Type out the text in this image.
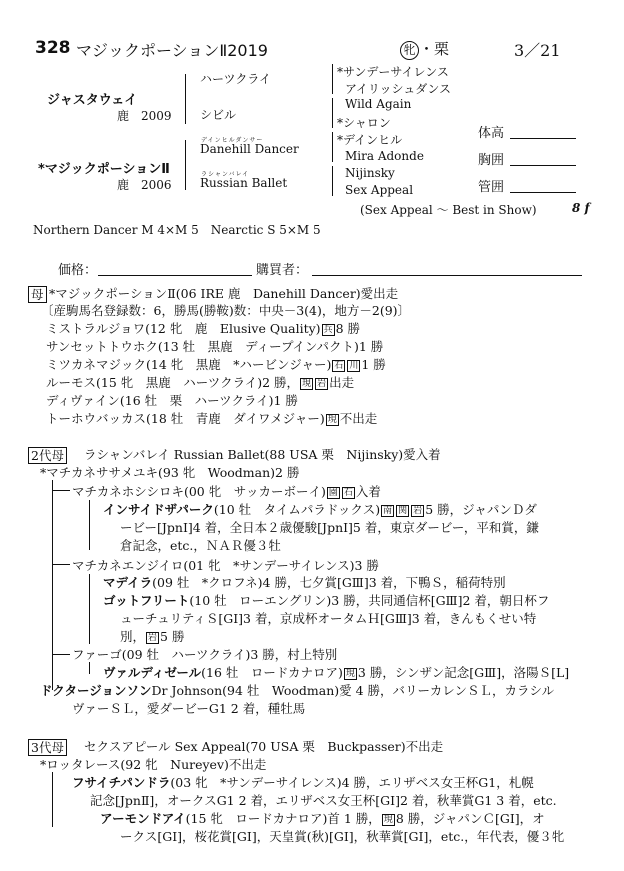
328 マジックポーションⅡ2019	牝 ・栗	3／21
ジャスタウェイ
鹿　 2009
*マジックポーションⅡ
鹿　 2006
ハーツクライ
シビル
デインヒルダンサー
Danehill Dancer
ラシャンバレイ
Russian Ballet
*サンデーサイレンス
アイリッシュダンス
Wild Again
*シャロン
*デインヒル
Mira Adonde
Nijinsky
Sex Appeal
(Sex Appeal ～ Best in Show)	8 f
体高
胸囲
管囲
Northern Dancer M 4×M 5　Nearctic S 5×M 5
価格：	購買者：
母 *マジックポーションⅡ(06 IRE 鹿　Danehill Dancer)愛出走
〔産駒馬名登録数：6，勝馬(勝鞍)数：中央－3(4)，地方－2(9)〕
ミストラルジョワ(12 牝　鹿　Elusive Quality) 兵 8 勝
サンセットトウホク(13 牡　黒鹿　ディープインパクト)1 勝
ミツカネマジック(14 牝　黒鹿　*ハービンジャー) 石 川 1 勝
ルーモス(15 牝　黒鹿　ハーツクライ)2 勝， 現 岩 出走
ディヴァイン(16 牡　栗　ハーツクライ)1 勝
トーホウバッカス(18 牡　青鹿　ダイワメジャー) 現 不出走
2代母 ラシャンバレイ Russian Ballet(88 USA 栗　Nijinsky)愛入着
*マチカネササメユキ(93 牝　Woodman)2 勝
マチカネホシシロキ(00 牝　サッカーボーイ) 園 石 入着
インサイドザパーク(10 牡　タイムパラドックス) 南 関 岩 5 勝，ジャパンＤダ
ービー[JpnⅠ]4 着，全日本２歳優駿[JpnⅠ]5 着，東京ダービー，平和賞，鎌
倉記念，etc.，ＮＡＲ優３牡
マチカネエンジイロ(01 牝　*サンデーサイレンス)3 勝
マデイラ(09 牡　*クロフネ)4 勝，七夕賞[GⅢ]3 着，下鴨Ｓ，稲荷特別
ゴットフリート(10 牡　ローエングリン)3 勝，共同通信杯[GⅢ]2 着，朝日杯フ
ューチュリティＳ[GⅠ]3 着，京成杯オータムＨ[GⅢ]3 着，きんもくせい特
別， 岩 5 勝
ファーゴ(09 牡　ハーツクライ)3 勝，村上特別
ヴァルディゼール(16 牡　ロードカナロア) 現 3 勝，シンザン記念[GⅢ]，洛陽Ｓ[L]
ドクタージョンソンDr Johnson(94 牡　Woodman)愛 4 勝，バリーカレンＳＬ，カラシル
ヴァーＳＬ，愛ダービーG1 2 着，種牡馬
3代母 セクスアピール Sex Appeal(70 USA 栗　Buckpasser)不出走
*ロッタレース(92 牝　Nureyev)不出走
フサイチパンドラ(03 牝　*サンデーサイレンス)4 勝，エリザベス女王杯G1，札幌
記念[JpnⅡ]，オークスG1 2 着，エリザベス女王杯[GⅠ]2 着，秋華賞G1 3 着，etc.
アーモンドアイ(15 牝　ロードカナロア)首 1 勝， 現 8 勝，ジャパンＣ[GⅠ]，オ
ークス[GⅠ]，桜花賞[GⅠ]，天皇賞(秋)[GⅠ]，秋華賞[GⅠ]，etc.，年代表，優３牝
